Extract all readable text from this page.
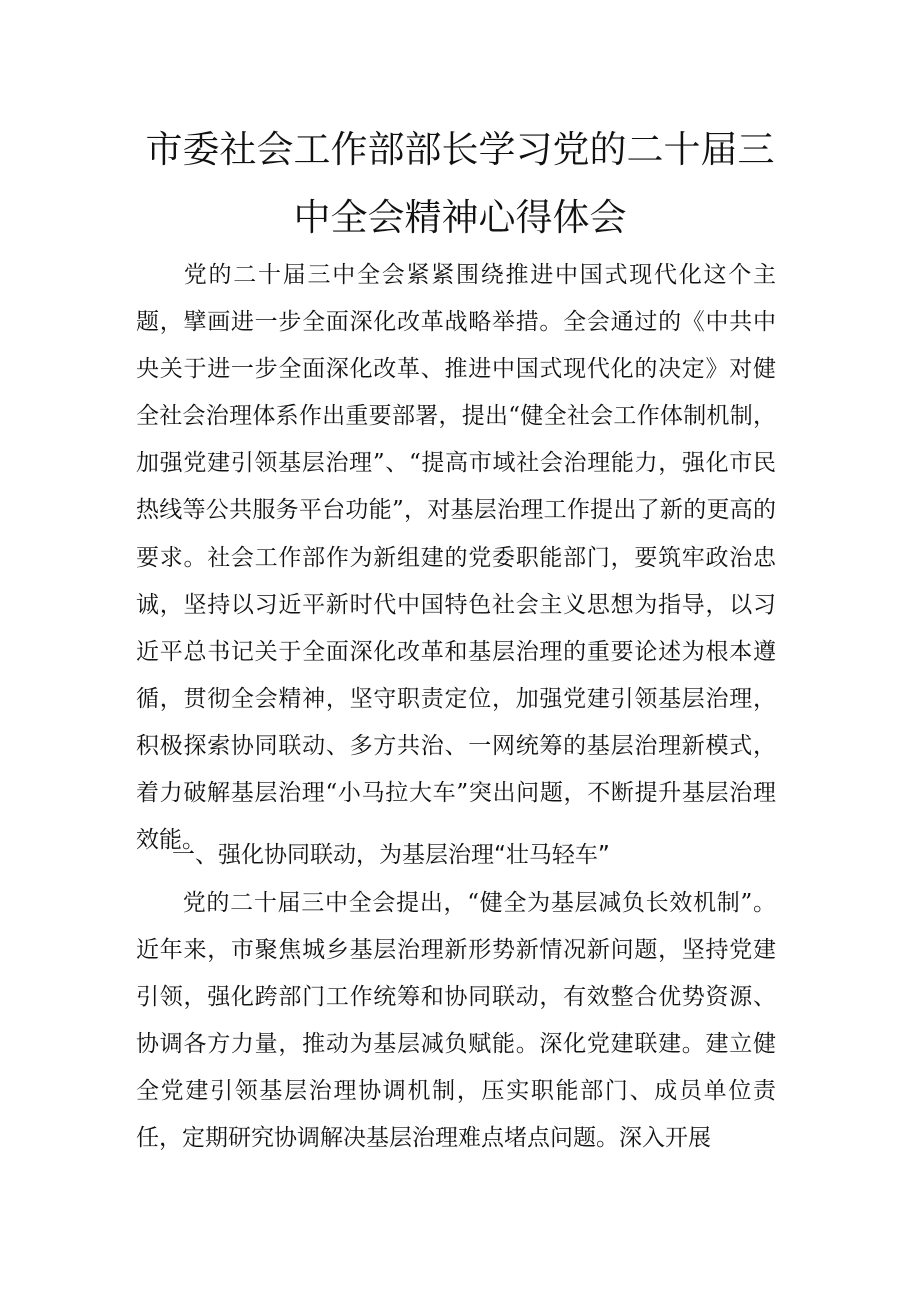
市委社会工作部部长学习党的二十届三
中全会精神心得体会

党的二十届三中全会紧紧围绕推进中国式现代化这个主题，擘画进一步全面深化改革战略举措。全会通过的《中共中央关于进一步全面深化改革、推进中国式现代化的决定》对健全社会治理体系作出重要部署，提出“健全社会工作体制机制，加强党建引领基层治理”、“提高市域社会治理能力，强化市民热线等公共服务平台功能”，对基层治理工作提出了新的更高的要求。社会工作部作为新组建的党委职能部门，要筑牢政治忠诚，坚持以习近平新时代中国特色社会主义思想为指导，以习近平总书记关于全面深化改革和基层治理的重要论述为根本遵循，贯彻全会精神，坚守职责定位，加强党建引领基层治理，积极探索协同联动、多方共治、一网统筹的基层治理新模式，着力破解基层治理“小马拉大车”突出问题，不断提升基层治理效能。

一、强化协同联动，为基层治理“壮马轻车”

党的二十届三中全会提出，“健全为基层减负长效机制”。近年来，市聚焦城乡基层治理新形势新情况新问题，坚持党建引领，强化跨部门工作统筹和协同联动，有效整合优势资源、协调各方力量，推动为基层减负赋能。深化党建联建。建立健全党建引领基层治理协调机制，压实职能部门、成员单位责任，定期研究协调解决基层治理难点堵点问题。深入开展
